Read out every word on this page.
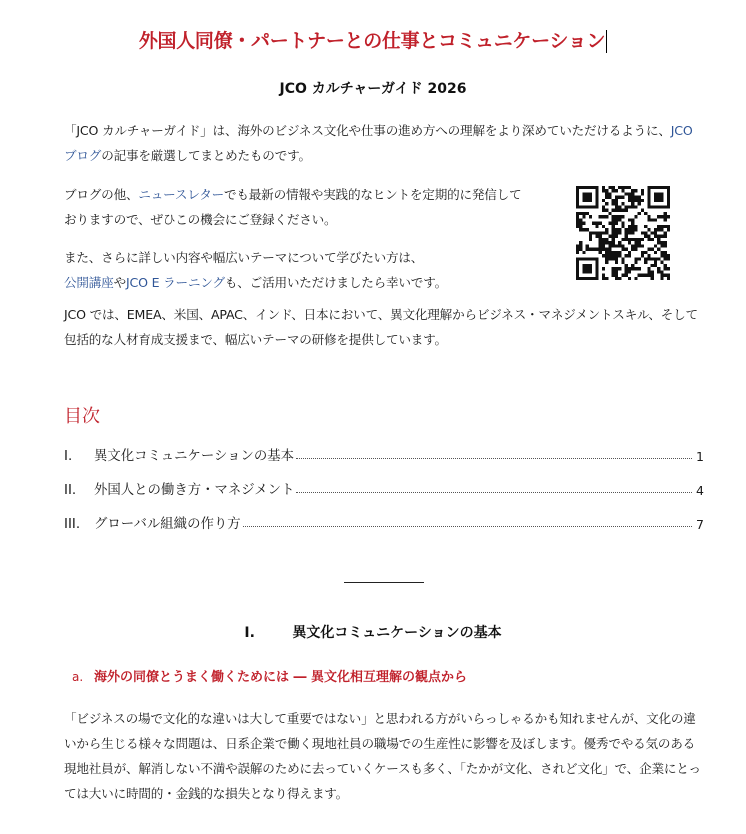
外国人同僚・パートナーとの仕事とコミュニケーション
JCO カルチャーガイド 2026
「JCO カルチャーガイド」は、海外のビジネス文化や仕事の進め方への理解をより深めていただけるように、JCO ブログの記事を厳選してまとめたものです。
ブログの他、ニュースレターでも最新の情報や実践的なヒントを定期的に発信して
おりますので、ぜひこの機会にご登録ください。
また、さらに詳しい内容や幅広いテーマについて学びたい方は、
公開講座やJCO E ラーニングも、ご活用いただけましたら幸いです。
JCO では、EMEA、米国、APAC、インド、日本において、異文化理解からビジネス・マネジメントスキル、そして包括的な人材育成支援まで、幅広いテーマの研修を提供しています。
目次
I.	異文化コミュニケーションの基本	1
II.	外国人との働き方・マネジメント	4
III.	グローバル組織の作り方	7
I.	異文化コミュニケーションの基本
a. 海外の同僚とうまく働くためには ― 異文化相互理解の観点から
「ビジネスの場で文化的な違いは大して重要ではない」と思われる方がいらっしゃるかも知れませんが、文化の違いから生じる様々な問題は、日系企業で働く現地社員の職場での生産性に影響を及ぼします。優秀でやる気のある現地社員が、解消しない不満や誤解のために去っていくケースも多く、「たかが文化、されど文化」で、企業にとっては大いに時間的・金銭的な損失となり得えます。
